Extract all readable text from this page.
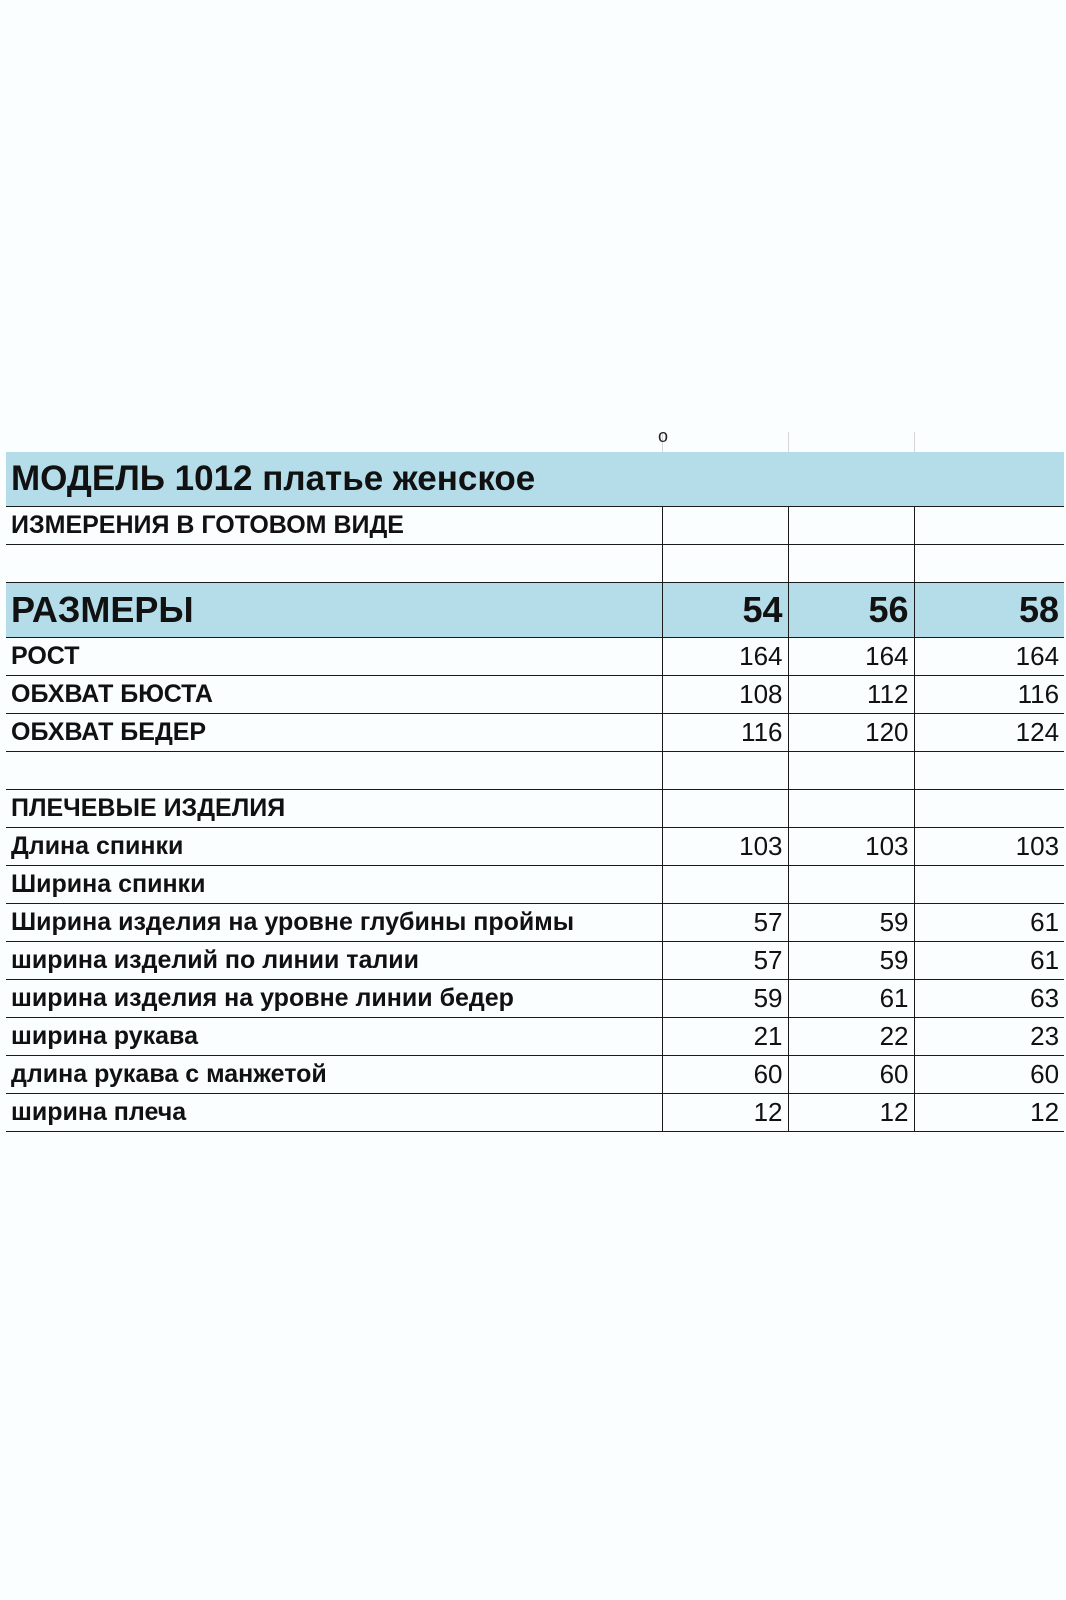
о
МОДЕЛЬ 1012 платье женское			
ИЗМЕРЕНИЯ В ГОТОВОМ ВИДЕ			

РАЗМЕРЫ	54	56	58
РОСТ	164	164	164
ОБХВАТ БЮСТА	108	112	116
ОБХВАТ БЕДЕР	116	120	124

ПЛЕЧЕВЫЕ ИЗДЕЛИЯ			
Длина спинки	103	103	103
Ширина спинки			
Ширина изделия на уровне глубины проймы	57	59	61
ширина изделий по линии талии	57	59	61
ширина изделия на уровне линии бедер	59	61	63
ширина рукава	21	22	23
длина рукава с манжетой	60	60	60
ширина плеча	12	12	12
